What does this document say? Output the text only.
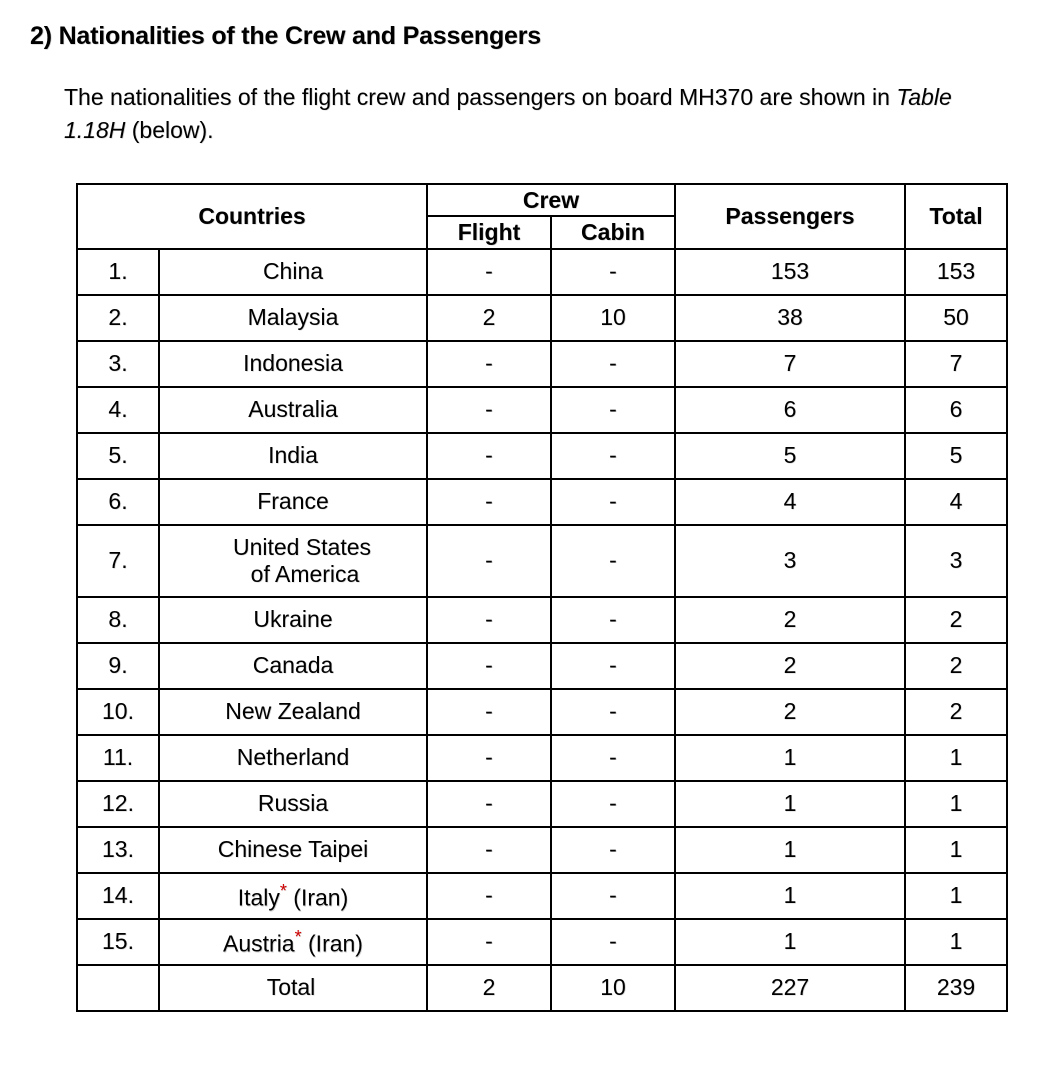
2) Nationalities of the Crew and Passengers

The nationalities of the flight crew and passengers on board MH370 are shown in Table 1.18H (below).

Countries		Crew		Passengers	Total
		Flight	Cabin		
1.	China	-	-	153	153
2.	Malaysia	2	10	38	50
3.	Indonesia	-	-	7	7
4.	Australia	-	-	6	6
5.	India	-	-	5	5
6.	France	-	-	4	4
7.	United States
of America	-	-	3	3
8.	Ukraine	-	-	2	2
9.	Canada	-	-	2	2
10.	New Zealand	-	-	2	2
11.	Netherland	-	-	1	1
12.	Russia	-	-	1	1
13.	Chinese Taipei	-	-	1	1
14.	Italy* (Iran)	-	-	1	1
15.	Austria* (Iran)	-	-	1	1
	Total	2	10	227	239
